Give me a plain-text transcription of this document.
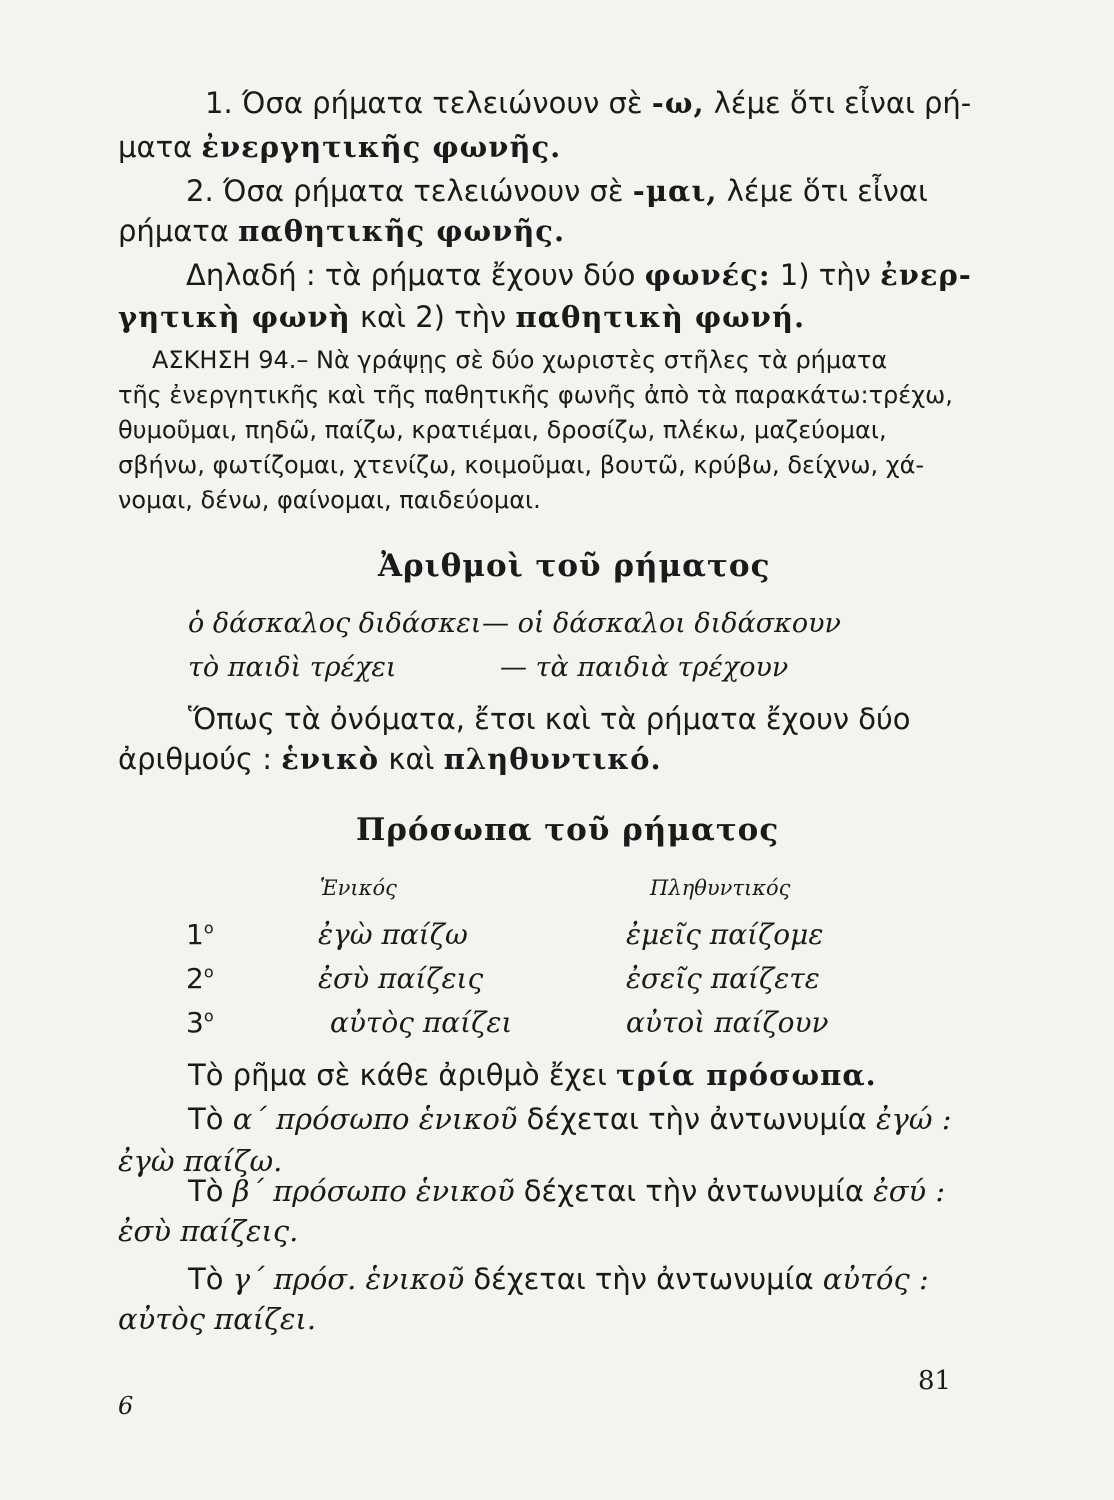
1. Όσα ρήματα τελειώνουν σὲ -ω, λέμε ὅτι εἶναι ρή-
ματα ἐνεργητικῆς φωνῆς.
2. Όσα ρήματα τελειώνουν σὲ -μαι, λέμε ὅτι εἶναι
ρήματα παθητικῆς φωνῆς.
Δηλαδή : τὰ ρήματα ἔχουν δύο φωνές: 1) τὴν ἐνερ-
γητικὴ φωνὴ καὶ 2) τὴν παθητικὴ φωνή.
ΑΣΚΗΣΗ 94.– Νὰ γράψῃς σὲ δύο χωριστὲς στῆλες τὰ ρήματα
τῆς ἐνεργητικῆς καὶ τῆς παθητικῆς φωνῆς ἀπὸ τὰ παρακάτω:τρέχω,
θυμοῦμαι, πηδῶ, παίζω, κρατιέμαι, δροσίζω, πλέκω, μαζεύομαι,
σβήνω, φωτίζομαι, χτενίζω, κοιμοῦμαι, βουτῶ, κρύβω, δείχνω, χά-
νομαι, δένω, φαίνομαι, παιδεύομαι.
Ἀριθμοὶ τοῦ ρήματος
ὁ δάσκαλος διδάσκει — οἱ δάσκαλοι διδάσκουν
τὸ παιδὶ τρέχει	— τὰ παιδιὰ τρέχουν
Ὅπως τὰ ὀνόματα, ἔτσι καὶ τὰ ρήματα ἔχουν δύο
ἀριθμούς : ἑνικὸ καὶ πληθυντικό.
Πρόσωπα τοῦ ρήματος
Ἑνικός	Πληθυντικός
$1^o$	ἐγὼ παίζω	ἐμεῖς παίζομε
$2^o$	ἐσὺ παίζεις	ἐσεῖς παίζετε
$3^o$	αὐτὸς παίζει	αὐτοὶ παίζουν
Τὸ ρῆμα σὲ κάθε ἀριθμὸ ἔχει τρία πρόσωπα.
Τὸ α΄ πρόσωπο ἑνικοῦ δέχεται τὴν ἀντωνυμία ἐγώ :
ἐγὼ παίζω.
Τὸ β΄ πρόσωπο ἑνικοῦ δέχεται τὴν ἀντωνυμία ἐσύ :
ἐσὺ παίζεις.
Τὸ γ΄ πρόσ. ἑνικοῦ δέχεται τὴν ἀντωνυμία αὐτός :
αὐτὸς παίζει.
6
81
